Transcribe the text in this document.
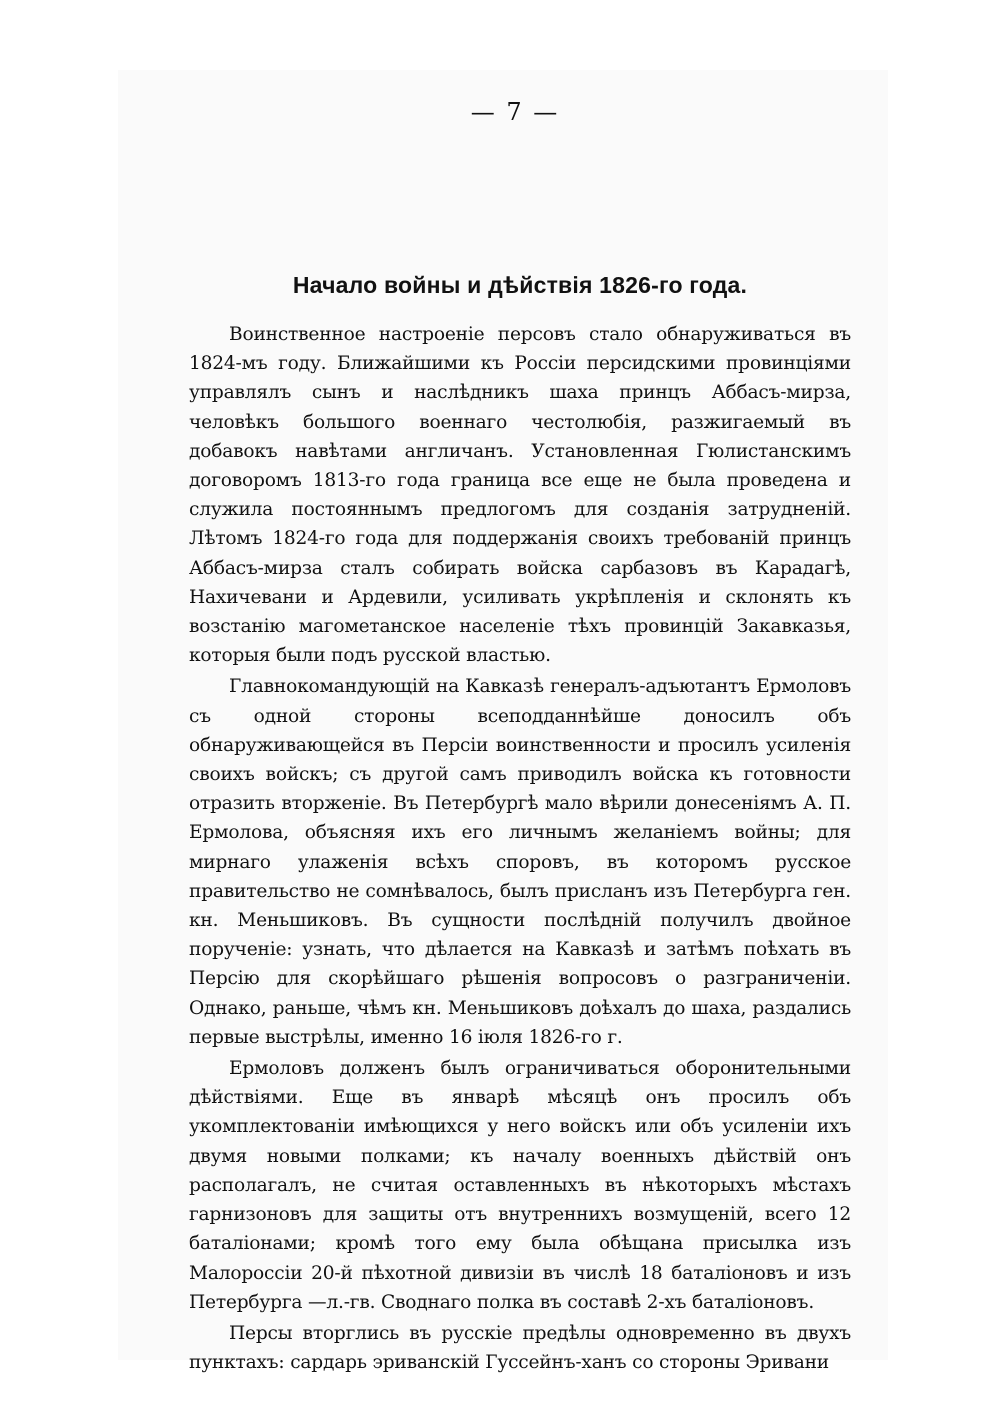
— 7 —
Начало войны и дѣйствія 1826-го года.

Воинственное настроеніе персовъ стало обнаруживаться въ 1824-мъ году. Ближайшими къ Россіи персидскими провинціями управлялъ сынъ и наслѣдникъ шаха принцъ Аббасъ-мирза, человѣкъ большого военнаго честолюбія, разжигаемый въ добавокъ навѣтами англичанъ. Установленная Гюлистанскимъ договоромъ 1813-го года граница все еще не была проведена и служила постояннымъ предлогомъ для созданія затрудненій. Лѣтомъ 1824-го года для поддержанія своихъ требованій принцъ Аббасъ-мирза сталъ собирать войска сарбазовъ въ Карадагѣ, Нахичевани и Ардевили, усиливать укрѣпленія и склонять къ возстанію магометанское населеніе тѣхъ провинцій Закавказья, которыя были подъ русской властью.

Главнокомандующій на Кавказѣ генералъ-адъютантъ Ермоловъ съ одной стороны всеподданнѣйше доносилъ объ обнаруживающейся въ Персіи воинственности и просилъ усиленія своихъ войскъ; съ другой самъ приводилъ войска къ готовности отразить вторженіе. Въ Петербургѣ мало вѣрили донесеніямъ А. П. Ермолова, объясняя ихъ его личнымъ желаніемъ войны; для мирнаго улаженія всѣхъ споровъ, въ которомъ русское правительство не сомнѣвалось, былъ присланъ изъ Петербурга ген. кн. Меньшиковъ. Въ сущности послѣдній получилъ двойное порученіе: узнать, что дѣлается на Кавказѣ и затѣмъ поѣхать въ Персію для скорѣйшаго рѣшенія вопросовъ о разграниченіи. Однако, раньше, чѣмъ кн. Меньшиковъ доѣхалъ до шаха, раздались первые выстрѣлы, именно 16 іюля 1826-го г.

Ермоловъ долженъ былъ ограничиваться оборонительными дѣйствіями. Еще въ январѣ мѣсяцѣ онъ просилъ объ укомплектованіи имѣющихся у него войскъ или объ усиленіи ихъ двумя новыми полками; къ началу военныхъ дѣйствій онъ располагалъ, не считая оставленныхъ въ нѣкоторыхъ мѣстахъ гарнизоновъ для защиты отъ внутреннихъ возмущеній, всего 12 баталіонами; кромѣ того ему была обѣщана присылка изъ Малороссіи 20-й пѣхотной дивизіи въ числѣ 18 баталіоновъ и изъ Петербурга —л.-гв. Своднаго полка въ составѣ 2-хъ баталіоновъ.

Персы вторглись въ русскіе предѣлы одновременно въ двухъ пунктахъ: сардарь эриванскій Гуссейнъ-ханъ со стороны Эривани
